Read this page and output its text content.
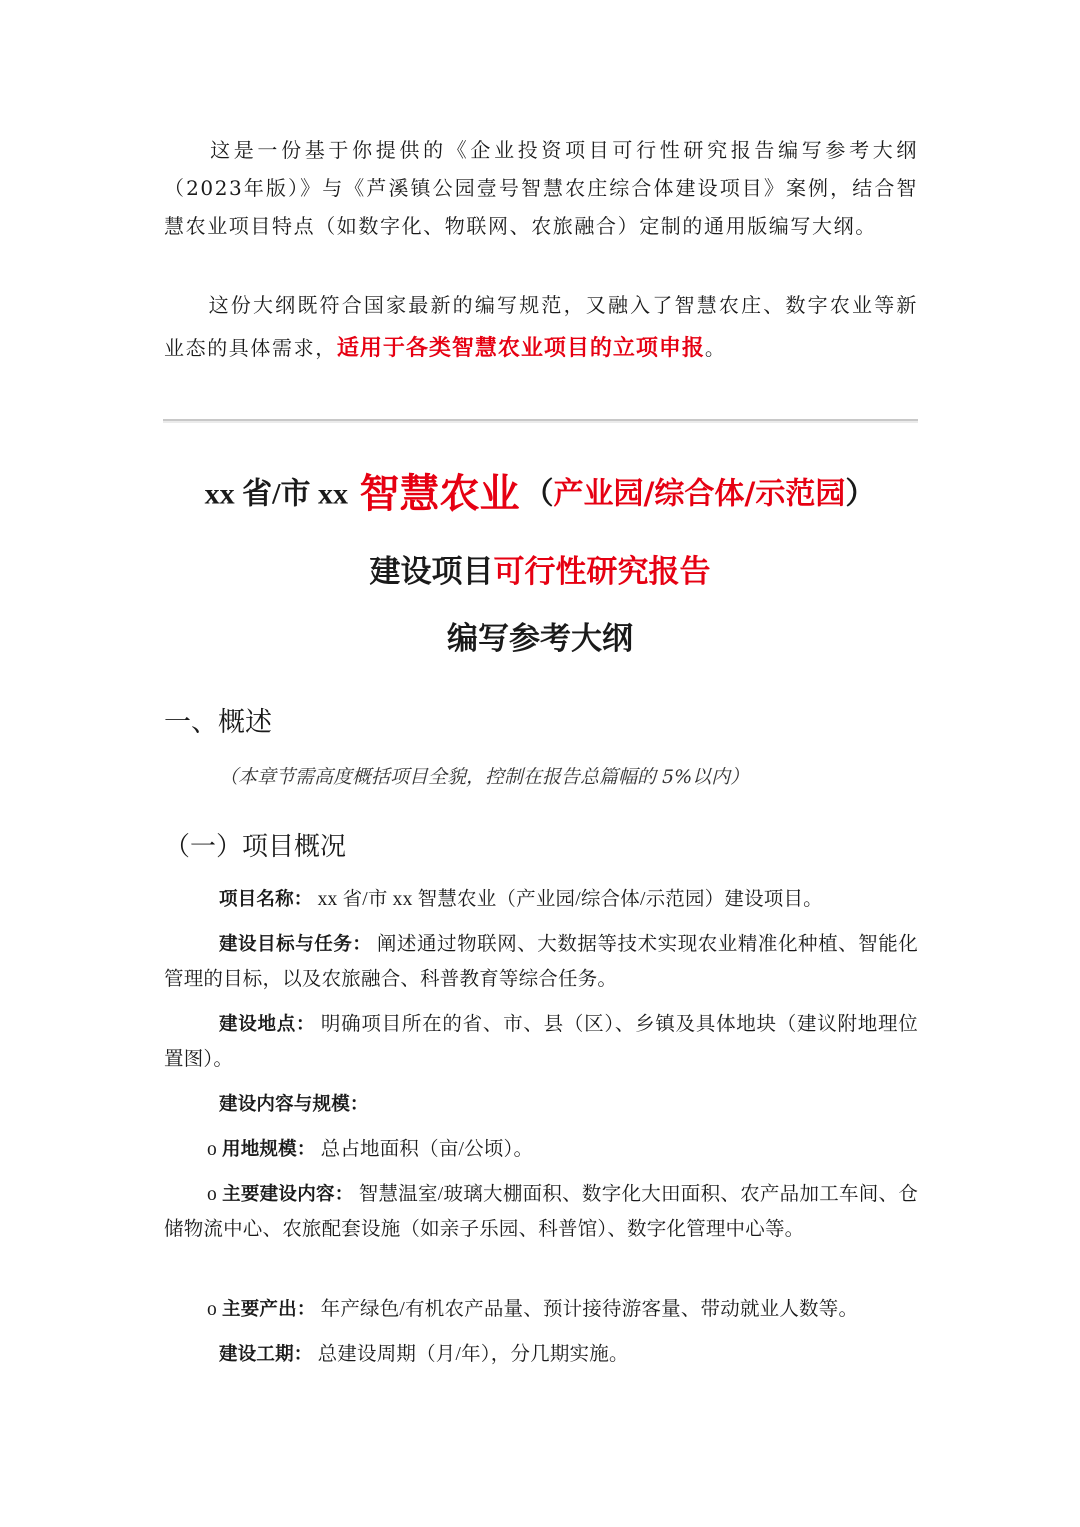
这是一份基于你提供的《企业投资项目可行性研究报告编写参考大纲（2023年版）》与《芦溪镇公园壹号智慧农庄综合体建设项目》案例，结合智慧农业项目特点（如数字化、物联网、农旅融合）定制的通用版编写大纲。

这份大纲既符合国家最新的编写规范，又融入了智慧农庄、数字农业等新业态的具体需求，适用于各类智慧农业项目的立项申报。

xx 省/市 xx 智慧农业 （产业园/综合体/示范园）
建设项目可行性研究报告
编写参考大纲
一、概述

（本章节需高度概括项目全貌，控制在报告总篇幅的 5%以内）

（一）项目概况

项目名称： xx 省/市 xx 智慧农业（产业园/综合体/示范园）建设项目。

建设目标与任务： 阐述通过物联网、大数据等技术实现农业精准化种植、智能化管理的目标，以及农旅融合、科普教育等综合任务。

建设地点： 明确项目所在的省、市、县（区）、乡镇及具体地块（建议附地理位置图）。

建设内容与规模：

o 用地规模： 总占地面积（亩/公顷）。

o 主要建设内容： 智慧温室/玻璃大棚面积、数字化大田面积、农产品加工车间、仓储物流中心、农旅配套设施（如亲子乐园、科普馆）、数字化管理中心等。

o 主要产出： 年产绿色/有机农产品量、预计接待游客量、带动就业人数等。

建设工期： 总建设周期（月/年），分几期实施。
